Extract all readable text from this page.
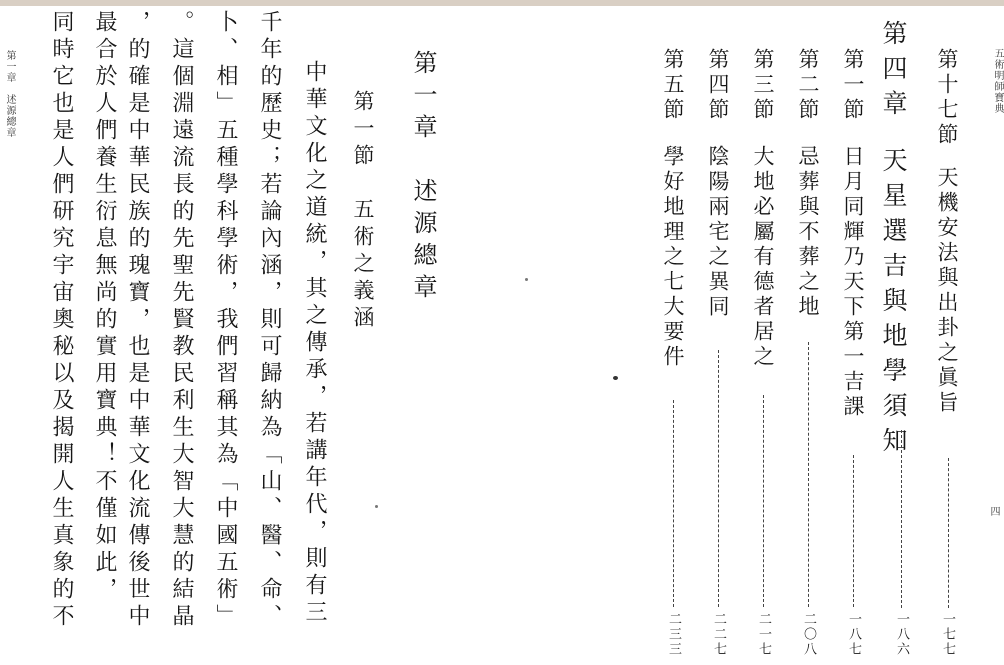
五術明師寶典
四
第十七節天機安法與出卦之眞旨
一七七
第四章天星選吉與地學須知
一八六
第一節日月同輝乃天下第一吉課
一八七
第二節忌葬與不葬之地
二〇八
第三節大地必屬有德者居之
二一七
第四節陰陽兩宅之異同
二二七
第五節學好地理之七大要件
二三三
第一章　述源總章
第一節　五術之義涵
中華文化之道統，其之傳承，若講年代，則有三
千年的歷史；若論內涵，則可歸納為「山、醫、命、
卜、相」五種學科學術，我們習稱其為「中國五術」
。這個淵遠流長的先聖先賢教民利生大智大慧的結晶
，的確是中華民族的瑰寶，也是中華文化流傳後世中
最合於人們養生衍息無尚的實用寶典！不僅如此，
同時它也是人們研究宇宙奧秘以及揭開人生真象的不
第一章　述源總章
